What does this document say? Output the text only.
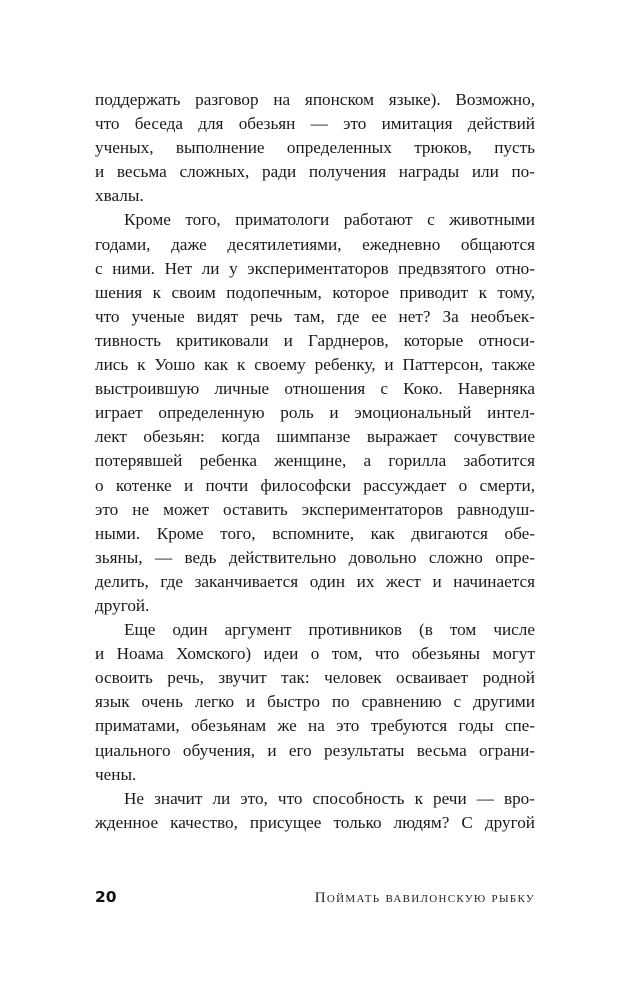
поддержать разговор на японском языке). Возможно,
что беседа для обезьян — это имитация действий
ученых, выполнение определенных трюков, пусть
и весьма сложных, ради получения награды или по-
хвалы.
Кроме того, приматологи работают с животными
годами, даже десятилетиями, ежедневно общаются
с ними. Нет ли у экспериментаторов предвзятого отно-
шения к своим подопечным, которое приводит к тому,
что ученые видят речь там, где ее нет? За необъек-
тивность критиковали и Гарднеров, которые относи-
лись к Уошо как к своему ребенку, и Паттерсон, также
выстроившую личные отношения с Коко. Наверняка
играет определенную роль и эмоциональный интел-
лект обезьян: когда шимпанзе выражает сочувствие
потерявшей ребенка женщине, а горилла заботится
о котенке и почти философски рассуждает о смерти,
это не может оставить экспериментаторов равнодуш-
ными. Кроме того, вспомните, как двигаются обе-
зьяны, — ведь действительно довольно сложно опре-
делить, где заканчивается один их жест и начинается
другой.
Еще один аргумент противников (в том числе
и Ноама Хомского) идеи о том, что обезьяны могут
освоить речь, звучит так: человек осваивает родной
язык очень легко и быстро по сравнению с другими
приматами, обезьянам же на это требуются годы спе-
циального обучения, и его результаты весьма ограни-
чены.
Не значит ли это, что способность к речи — вро-
жденное качество, присущее только людям? С другой
20	Поймать вавилонскую рыбку
